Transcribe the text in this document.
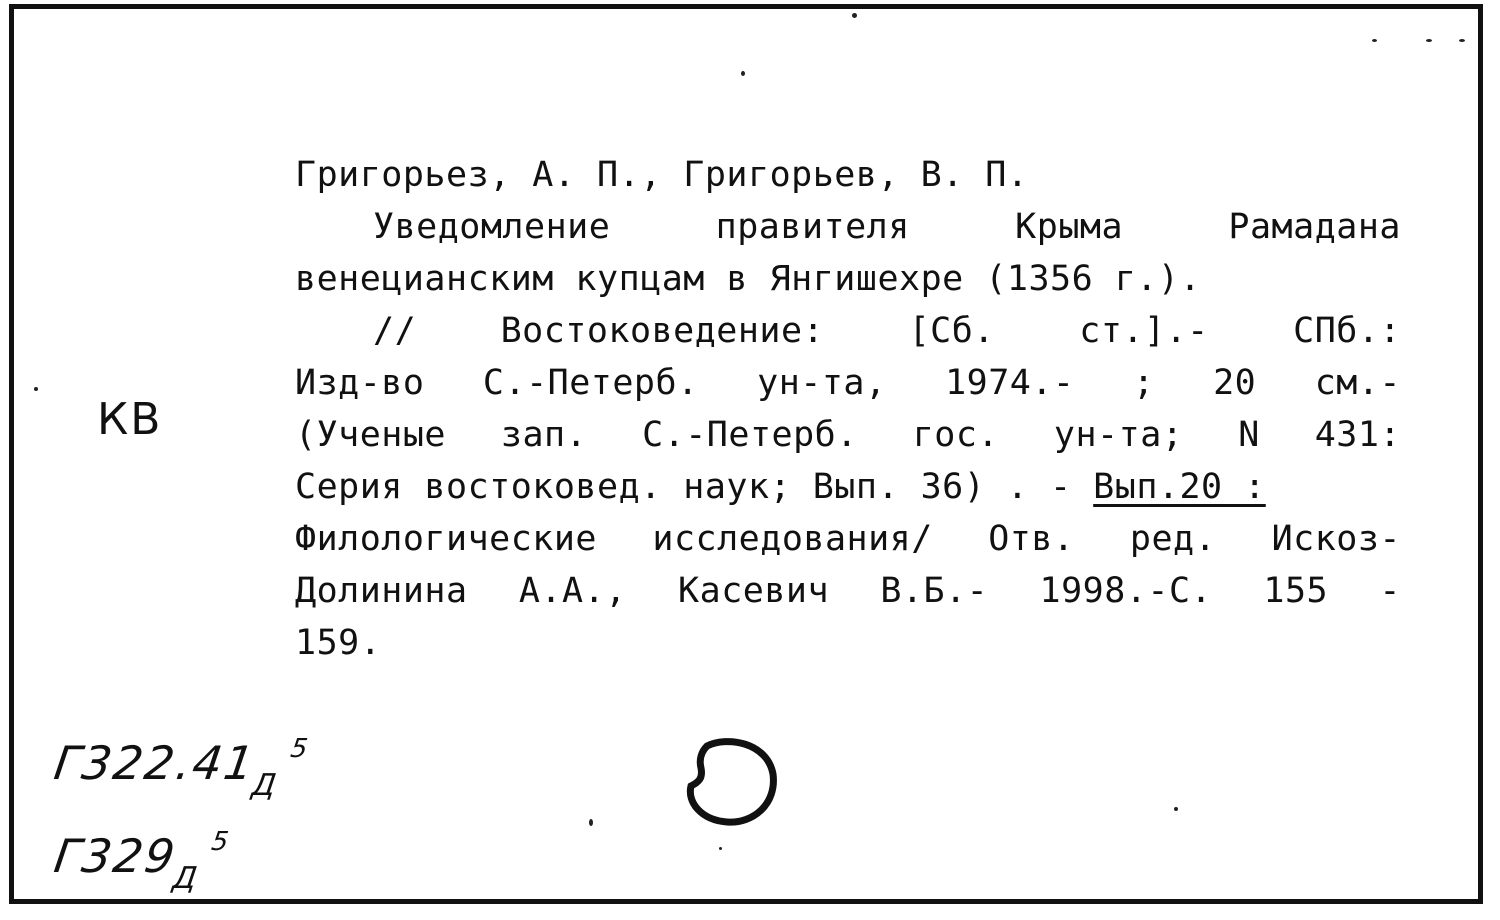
Григорьез, А. П., Григорьев, В. П.
Уведомление правителя Крыма Рамадана
венецианским купцам в Янгишехре (1356 г.).
// Востоковедение: [Сб. ст.].- СПб.:
Изд-во С.-Петерб. ун-та, 1974.- ; 20 см.-
(Ученые зап. С.-Петерб. гос. ун-та; N 431:
Серия востоковед. наук; Вып. 36) . - Вып.20 :
Филологические исследования/ Отв. ред. Искоз-
Долинина А.А., Касевич В.Б.- 1998.-С. 155 -
159.
КВ
$Г322.41_Д^5$
$Г329_Д^5$
